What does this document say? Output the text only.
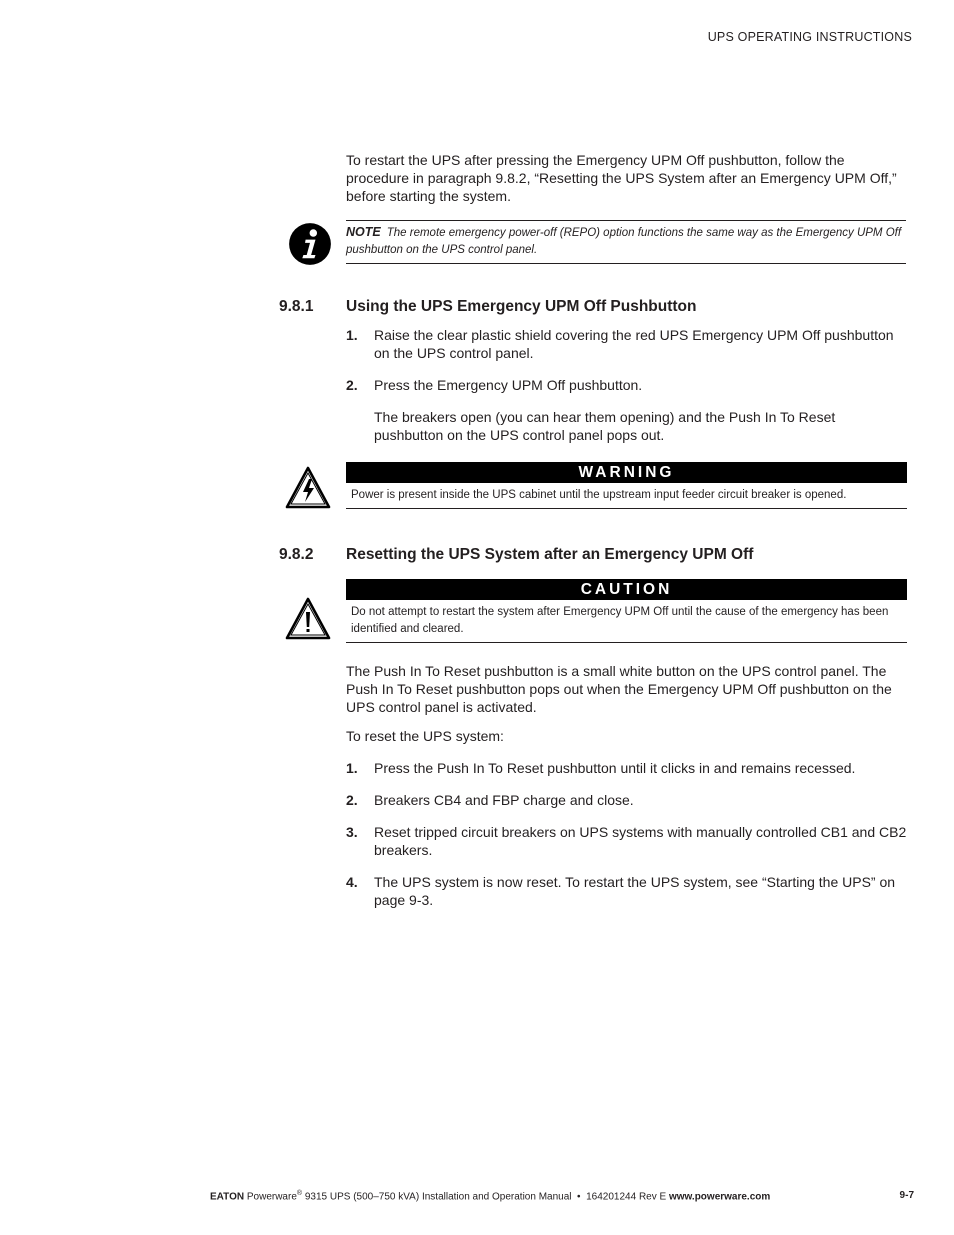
UPS OPERATING INSTRUCTIONS
To restart the UPS after pressing the Emergency UPM Off pushbutton, follow the procedure in paragraph 9.8.2, “Resetting the UPS System after an Emergency UPM Off,” before starting the system.
NOTE The remote emergency power-off (REPO) option functions the same way as the Emergency UPM Off pushbutton on the UPS control panel.
9.8.1 Using the UPS Emergency UPM Off Pushbutton
1.	Raise the clear plastic shield covering the red UPS Emergency UPM Off pushbutton on the UPS control panel.
2.	Press the Emergency UPM Off pushbutton.
The breakers open (you can hear them opening) and the Push In To Reset pushbutton on the UPS control panel pops out.
WARNING
Power is present inside the UPS cabinet until the upstream input feeder circuit breaker is opened.
9.8.2 Resetting the UPS System after an Emergency UPM Off
CAUTION
Do not attempt to restart the system after Emergency UPM Off until the cause of the emergency has been identified and cleared.
The Push In To Reset pushbutton is a small white button on the UPS control panel. The Push In To Reset pushbutton pops out when the Emergency UPM Off pushbutton on the UPS control panel is activated.
To reset the UPS system:
1.	Press the Push In To Reset pushbutton until it clicks in and remains recessed.
2.	Breakers CB4 and FBP charge and close.
3.	Reset tripped circuit breakers on UPS systems with manually controlled CB1 and CB2 breakers.
4.	The UPS system is now reset. To restart the UPS system, see “Starting the UPS” on page 9-3.
EATON Powerware® 9315 UPS (500–750 kVA) Installation and Operation Manual  •  164201244 Rev E www.powerware.com	9-7
